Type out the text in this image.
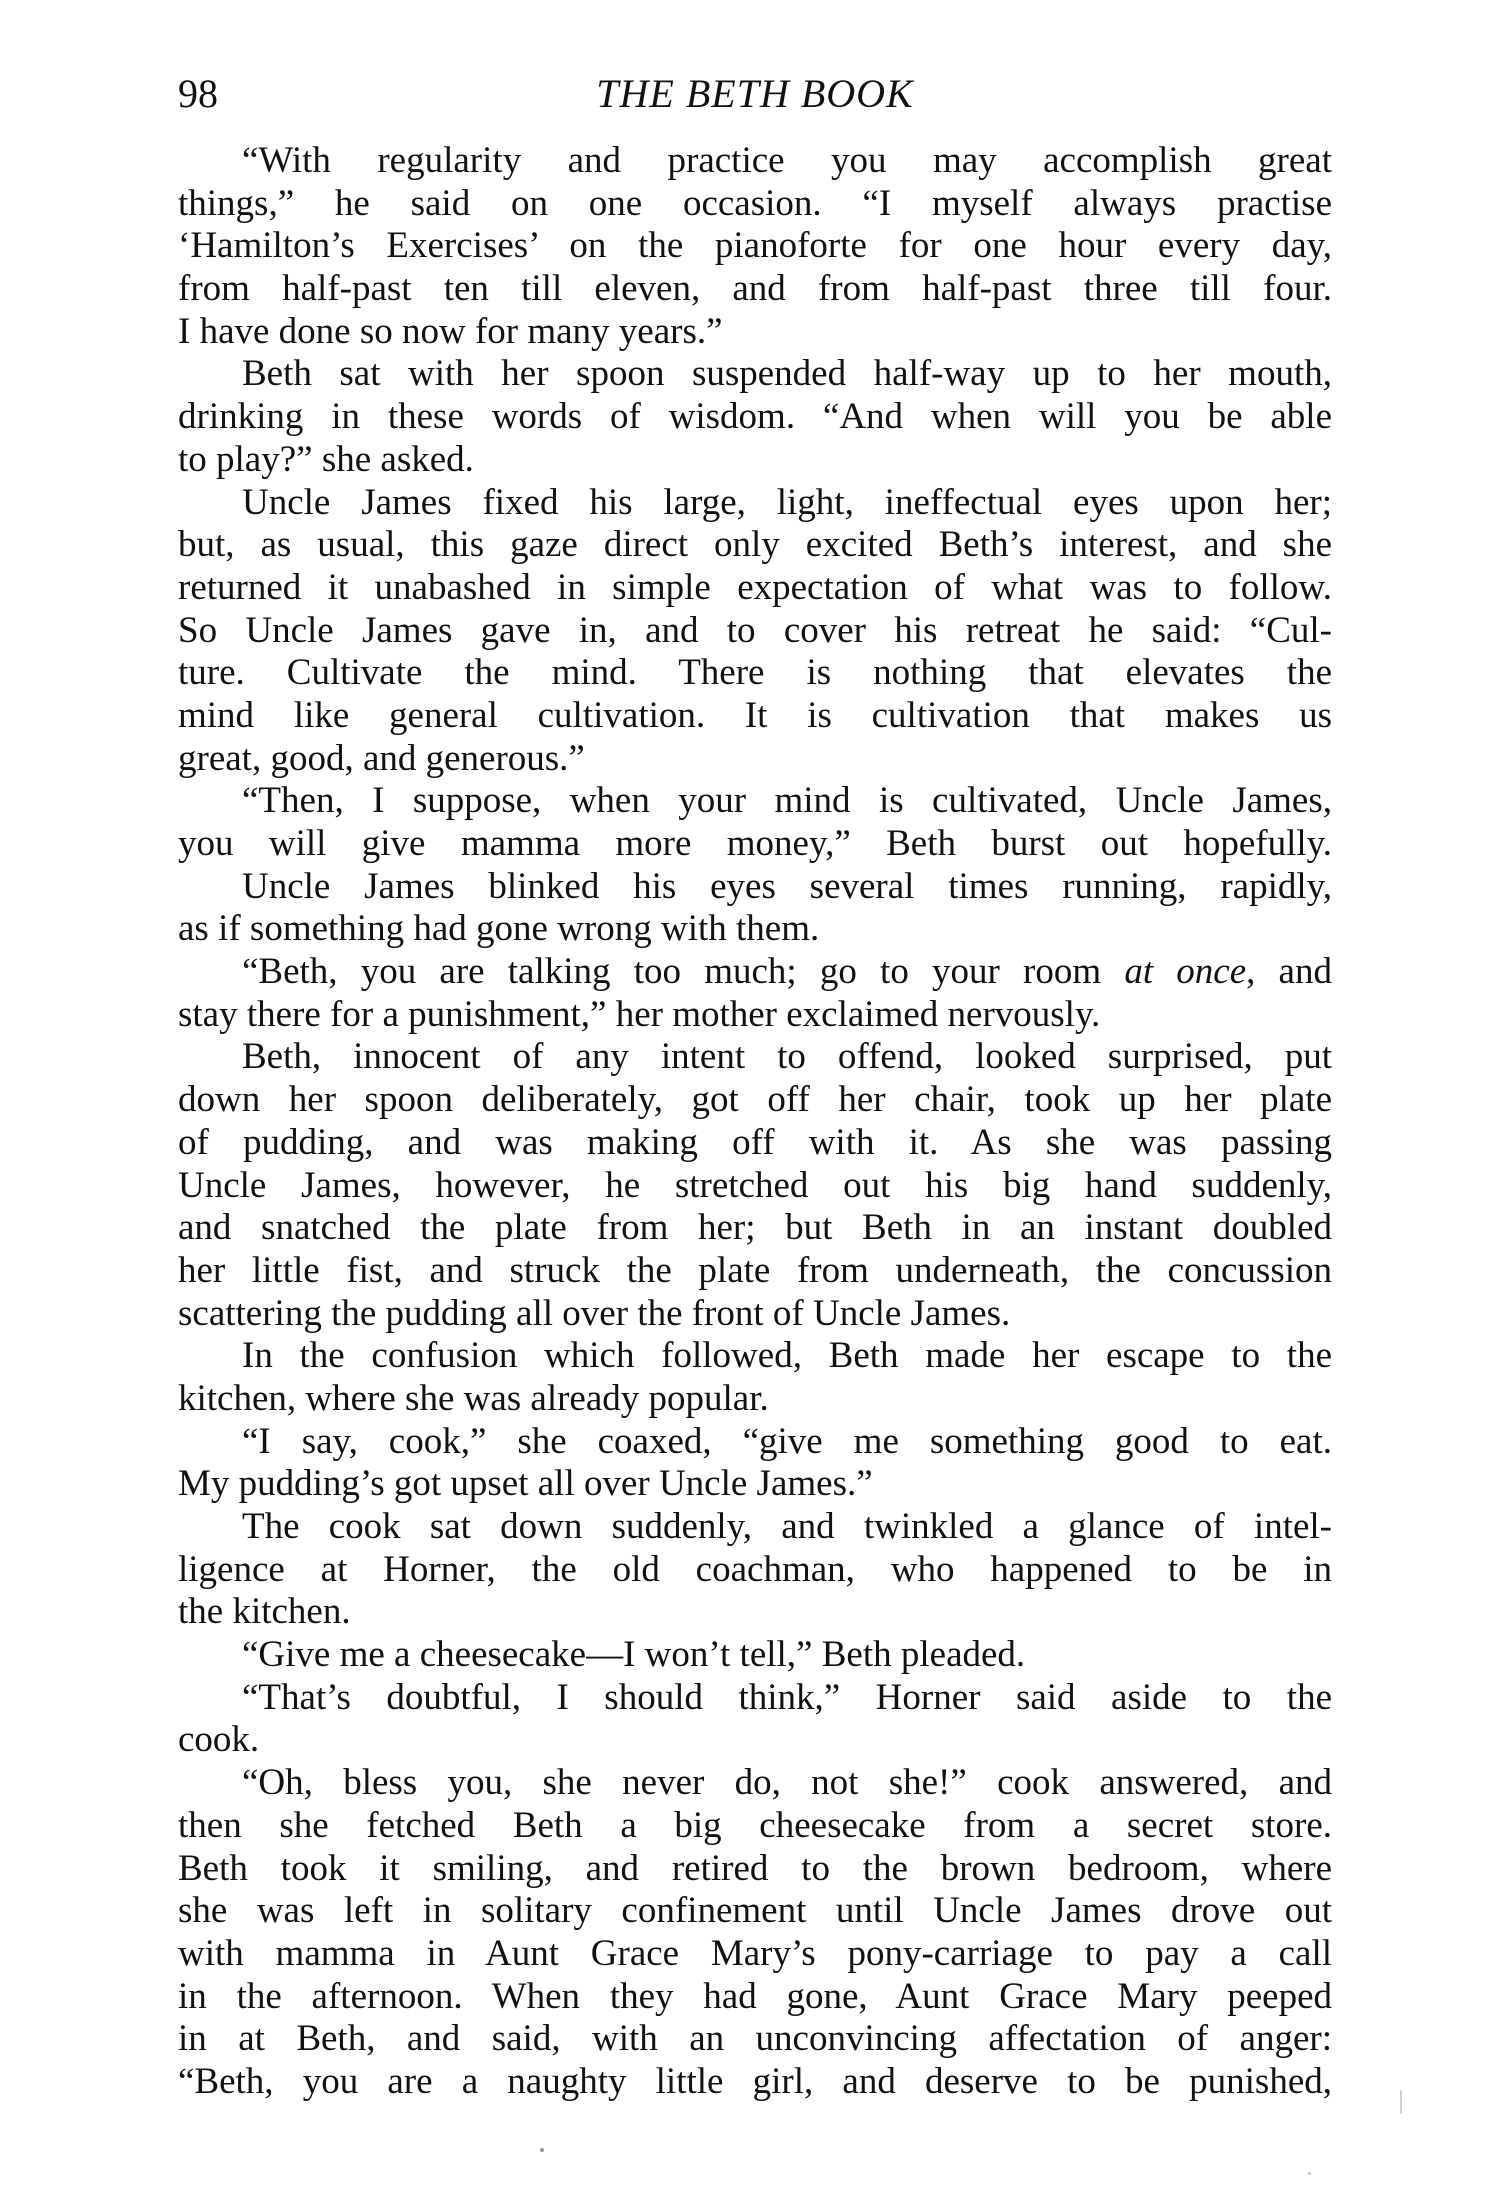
98	THE BETH BOOK
“With regularity and practice you may accomplish great
things,” he said on one occasion. “I myself always practise
‘Hamilton’s Exercises’ on the pianoforte for one hour every day,
from half-past ten till eleven, and from half-past three till four.
I have done so now for many years.”
Beth sat with her spoon suspended half-way up to her mouth,
drinking in these words of wisdom. “And when will you be able
to play?” she asked.
Uncle James fixed his large, light, ineffectual eyes upon her;
but, as usual, this gaze direct only excited Beth’s interest, and she
returned it unabashed in simple expectation of what was to follow.
So Uncle James gave in, and to cover his retreat he said: “Cul-
ture. Cultivate the mind. There is nothing that elevates the
mind like general cultivation. It is cultivation that makes us
great, good, and generous.”
“Then, I suppose, when your mind is cultivated, Uncle James,
you will give mamma more money,” Beth burst out hopefully.
Uncle James blinked his eyes several times running, rapidly,
as if something had gone wrong with them.
“Beth, you are talking too much; go to your room at once, and
stay there for a punishment,” her mother exclaimed nervously.
Beth, innocent of any intent to offend, looked surprised, put
down her spoon deliberately, got off her chair, took up her plate
of pudding, and was making off with it. As she was passing
Uncle James, however, he stretched out his big hand suddenly,
and snatched the plate from her; but Beth in an instant doubled
her little fist, and struck the plate from underneath, the concussion
scattering the pudding all over the front of Uncle James.
In the confusion which followed, Beth made her escape to the
kitchen, where she was already popular.
“I say, cook,” she coaxed, “give me something good to eat.
My pudding’s got upset all over Uncle James.”
The cook sat down suddenly, and twinkled a glance of intel-
ligence at Horner, the old coachman, who happened to be in
the kitchen.
“Give me a cheesecake—I won’t tell,” Beth pleaded.
“That’s doubtful, I should think,” Horner said aside to the
cook.
“Oh, bless you, she never do, not she!” cook answered, and
then she fetched Beth a big cheesecake from a secret store.
Beth took it smiling, and retired to the brown bedroom, where
she was left in solitary confinement until Uncle James drove out
with mamma in Aunt Grace Mary’s pony-carriage to pay a call
in the afternoon. When they had gone, Aunt Grace Mary peeped
in at Beth, and said, with an unconvincing affectation of anger:
“Beth, you are a naughty little girl, and deserve to be punished,
